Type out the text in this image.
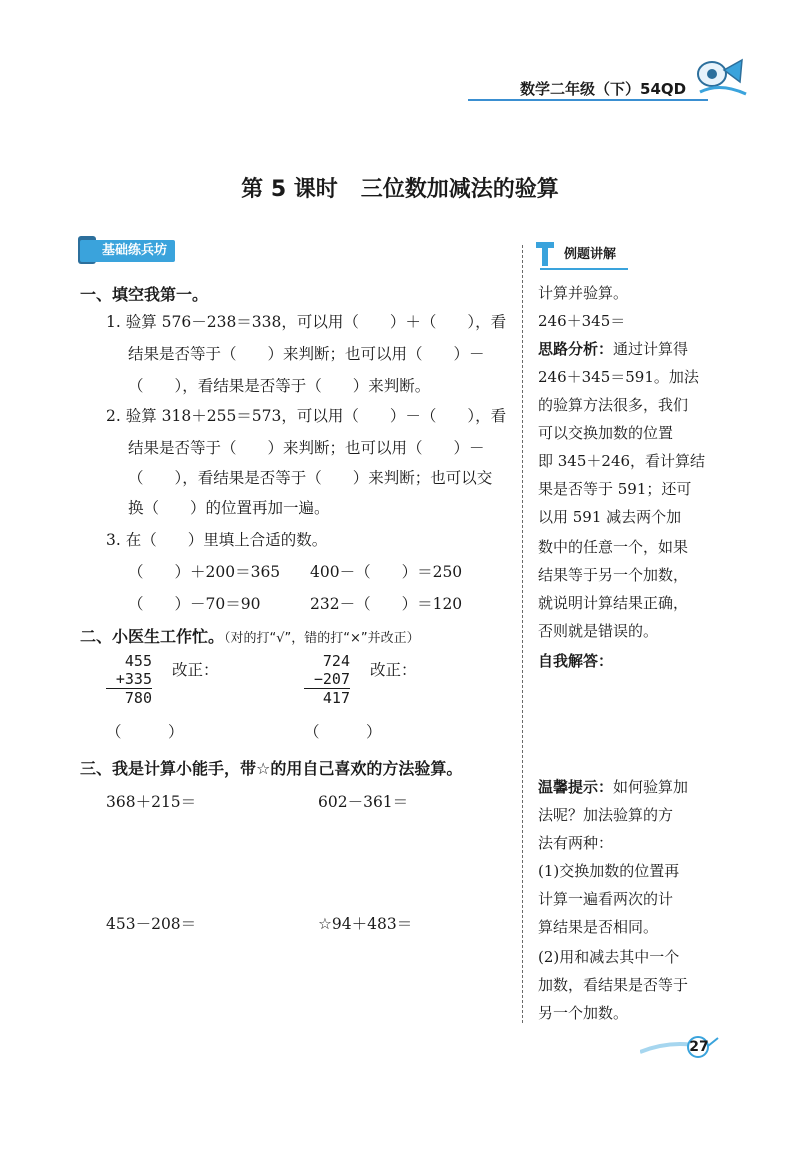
数学二年级（下）54QD
第 5 课时 三位数加减法的验算
基础练兵坊
一、填空我第一。
1. 验算 576－238＝338，可以用（　　）＋（　　），看
结果是否等于（　　）来判断；也可以用（　　）－
（　　），看结果是否等于（　　）来判断。
2. 验算 318＋255＝573，可以用（　　）－（　　），看
结果是否等于（　　）来判断；也可以用（　　）－
（　　），看结果是否等于（　　）来判断；也可以交
换（　　）的位置再加一遍。
3. 在（　　）里填上合适的数。
（　　）＋200＝365 400－（　　）＝250
（　　）－70＝90	232－（　　）＝120
二、小医生工作忙。（对的打“√”，错的打“×”并改正）
455
+335
780
改正：
（　　　）
724
−207
417
改正：
（　　　）
三、我是计算小能手，带☆的用自己喜欢的方法验算。
368＋215＝	602－361＝
453－208＝	☆94＋483＝
例题讲解
计算并验算。
246＋345＝
思路分析：通过计算得
246＋345＝591。加法
的验算方法很多，我们
可以交换加数的位置
即 345＋246，看计算结
果是否等于 591；还可
以用 591 减去两个加
数中的任意一个，如果
结果等于另一个加数，
就说明计算结果正确，
否则就是错误的。
自我解答：
温馨提示：如何验算加
法呢？加法验算的方
法有两种：
(1)交换加数的位置再
计算一遍看两次的计
算结果是否相同。
(2)用和减去其中一个
加数，看结果是否等于
另一个加数。
27
